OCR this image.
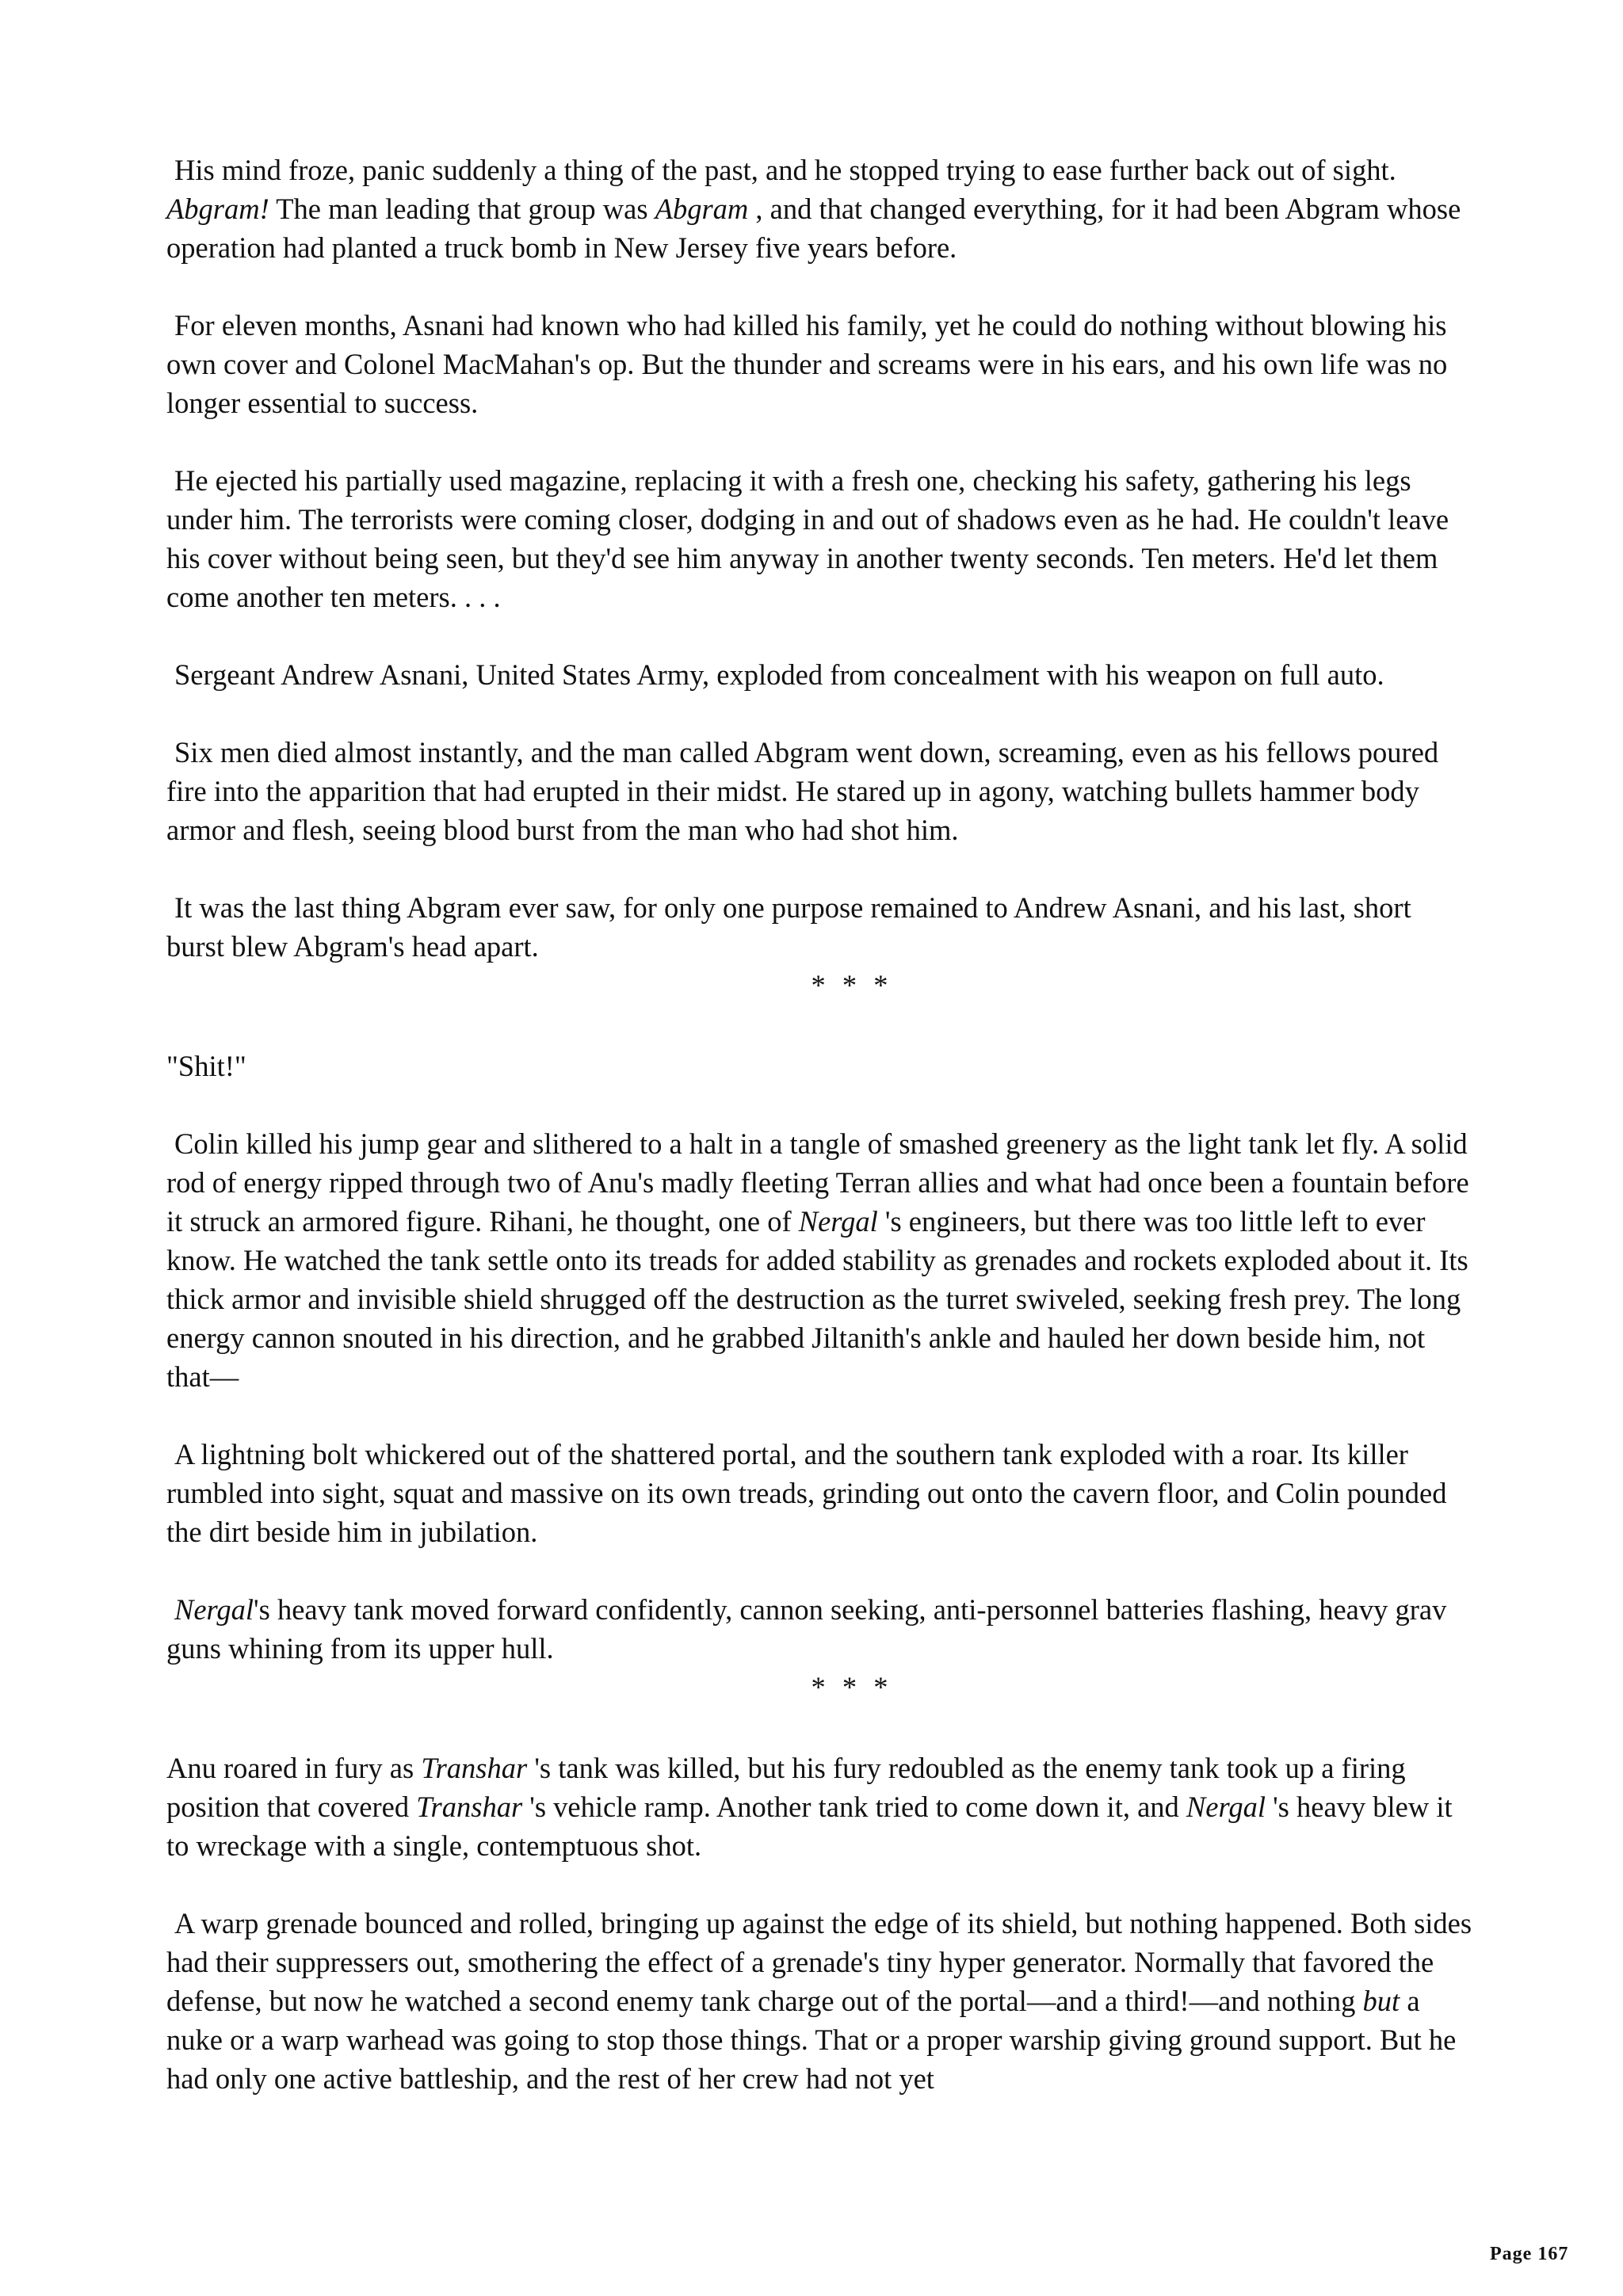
His mind froze, panic suddenly a thing of the past, and he stopped trying to ease further back out of sight. Abgram! The man leading that group was Abgram , and that changed everything, for it had been Abgram whose operation had planted a truck bomb in New Jersey five years before.

For eleven months, Asnani had known who had killed his family, yet he could do nothing without blowing his own cover and Colonel MacMahan's op. But the thunder and screams were in his ears, and his own life was no longer essential to success.

He ejected his partially used magazine, replacing it with a fresh one, checking his safety, gathering his legs under him. The terrorists were coming closer, dodging in and out of shadows even as he had. He couldn't leave his cover without being seen, but they'd see him anyway in another twenty seconds. Ten meters. He'd let them come another ten meters. . . .

Sergeant Andrew Asnani, United States Army, exploded from concealment with his weapon on full auto.

Six men died almost instantly, and the man called Abgram went down, screaming, even as his fellows poured fire into the apparition that had erupted in their midst. He stared up in agony, watching bullets hammer body armor and flesh, seeing blood burst from the man who had shot him.

It was the last thing Abgram ever saw, for only one purpose remained to Andrew Asnani, and his last, short burst blew Abgram's head apart.

* * *

"Shit!"

Colin killed his jump gear and slithered to a halt in a tangle of smashed greenery as the light tank let fly. A solid rod of energy ripped through two of Anu's madly fleeting Terran allies and what had once been a fountain before it struck an armored figure. Rihani, he thought, one of Nergal 's engineers, but there was too little left to ever know. He watched the tank settle onto its treads for added stability as grenades and rockets exploded about it. Its thick armor and invisible shield shrugged off the destruction as the turret swiveled, seeking fresh prey. The long energy cannon snouted in his direction, and he grabbed Jiltanith's ankle and hauled her down beside him, not that—

A lightning bolt whickered out of the shattered portal, and the southern tank exploded with a roar. Its killer rumbled into sight, squat and massive on its own treads, grinding out onto the cavern floor, and Colin pounded the dirt beside him in jubilation.

Nergal's heavy tank moved forward confidently, cannon seeking, anti-personnel batteries flashing, heavy grav guns whining from its upper hull.

* * *

Anu roared in fury as Transhar 's tank was killed, but his fury redoubled as the enemy tank took up a firing position that covered Transhar 's vehicle ramp. Another tank tried to come down it, and Nergal 's heavy blew it to wreckage with a single, contemptuous shot.

A warp grenade bounced and rolled, bringing up against the edge of its shield, but nothing happened. Both sides had their suppressers out, smothering the effect of a grenade's tiny hyper generator. Normally that favored the defense, but now he watched a second enemy tank charge out of the portal—and a third!—and nothing but a nuke or a warp warhead was going to stop those things. That or a proper warship giving ground support. But he had only one active battleship, and the rest of her crew had not yet

Page 167
